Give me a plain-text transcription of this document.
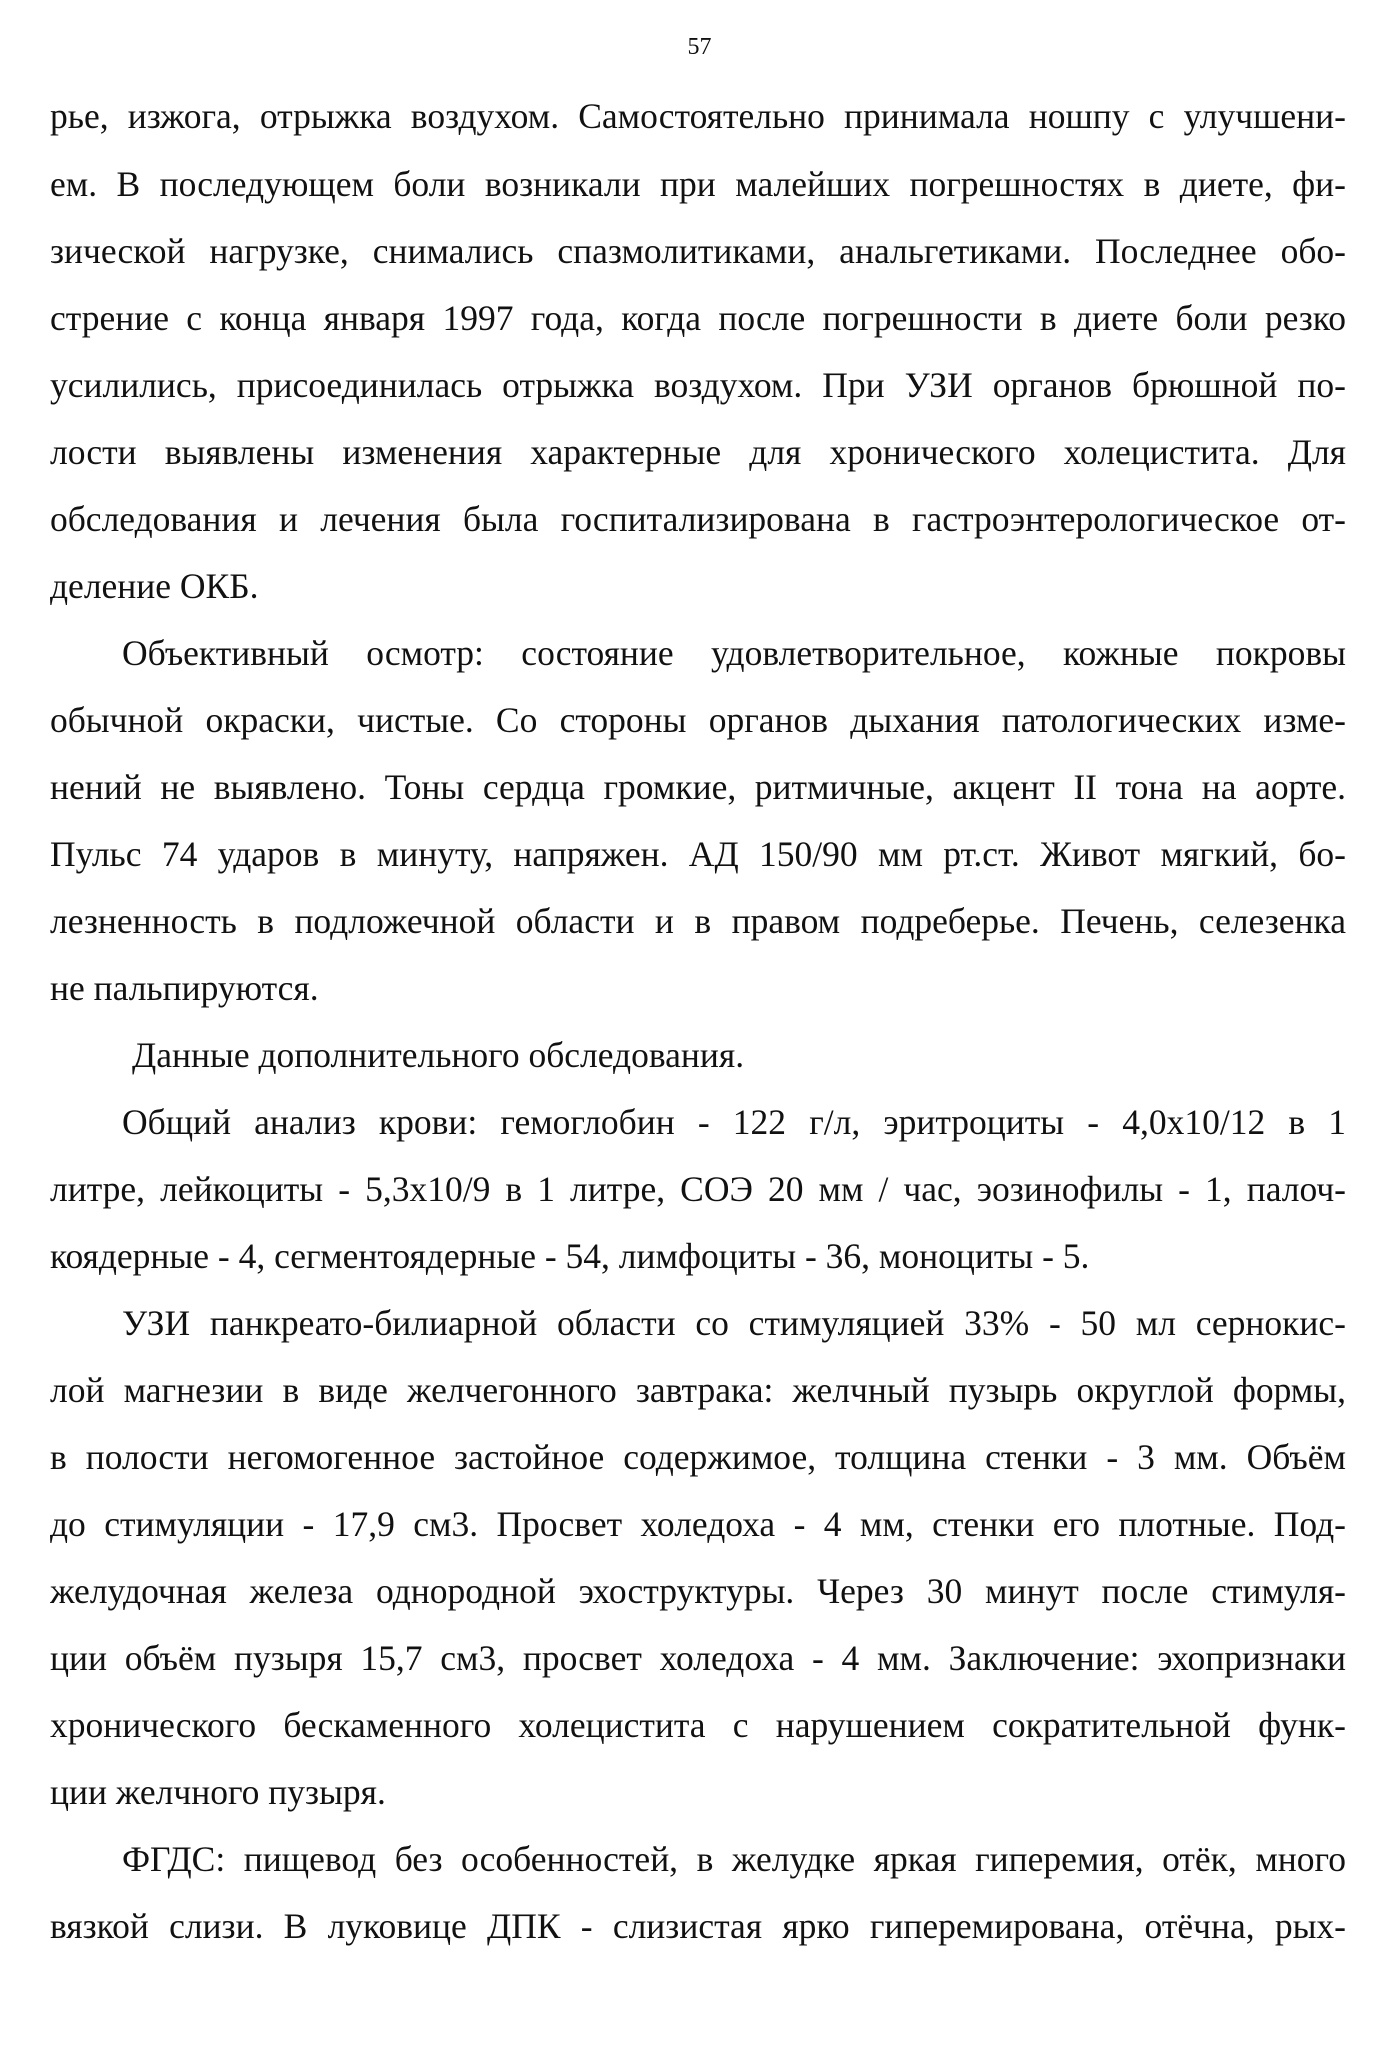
57
рье, изжога, отрыжка воздухом. Самостоятельно принимала ношпу с улучшени-
ем. В последующем боли возникали при малейших погрешностях в диете, фи-
зической нагрузке, снимались спазмолитиками, анальгетиками. Последнее обо-
стрение с конца января 1997 года, когда после погрешности в диете боли резко
усилились, присоединилась отрыжка воздухом. При УЗИ органов брюшной по-
лости выявлены изменения характерные для хронического холецистита. Для
обследования и лечения была госпитализирована в гастроэнтерологическое от-
деление ОКБ.
Объективный осмотр: состояние удовлетворительное, кожные покровы
обычной окраски, чистые. Со стороны органов дыхания патологических изме-
нений не выявлено. Тоны сердца громкие, ритмичные, акцент II тона на аорте.
Пульс 74 ударов в минуту, напряжен. АД 150/90 мм рт.ст. Живот мягкий, бо-
лезненность в подложечной области и в правом подреберье. Печень, селезенка
не пальпируются.
Данные дополнительного обследования.
Общий анализ крови: гемоглобин - 122 г/л, эритроциты - 4,0х10/12 в 1
литре, лейкоциты - 5,3х10/9 в 1 литре, СОЭ 20 мм / час, эозинофилы - 1, палоч-
коядерные - 4, сегментоядерные - 54, лимфоциты - 36, моноциты - 5.
УЗИ панкреато-билиарной области со стимуляцией 33% - 50 мл сернокис-
лой магнезии в виде желчегонного завтрака: желчный пузырь округлой формы,
в полости негомогенное застойное содержимое, толщина стенки - 3 мм. Объём
до стимуляции - 17,9 см3. Просвет холедоха - 4 мм, стенки его плотные. Под-
желудочная железа однородной эхоструктуры. Через 30 минут после стимуля-
ции объём пузыря 15,7 см3, просвет холедоха - 4 мм. Заключение: эхопризнаки
хронического бескаменного холецистита с нарушением сократительной функ-
ции желчного пузыря.
ФГДС: пищевод без особенностей, в желудке яркая гиперемия, отёк, много
вязкой слизи. В луковице ДПК - слизистая ярко гиперемирована, отёчна, рых-
